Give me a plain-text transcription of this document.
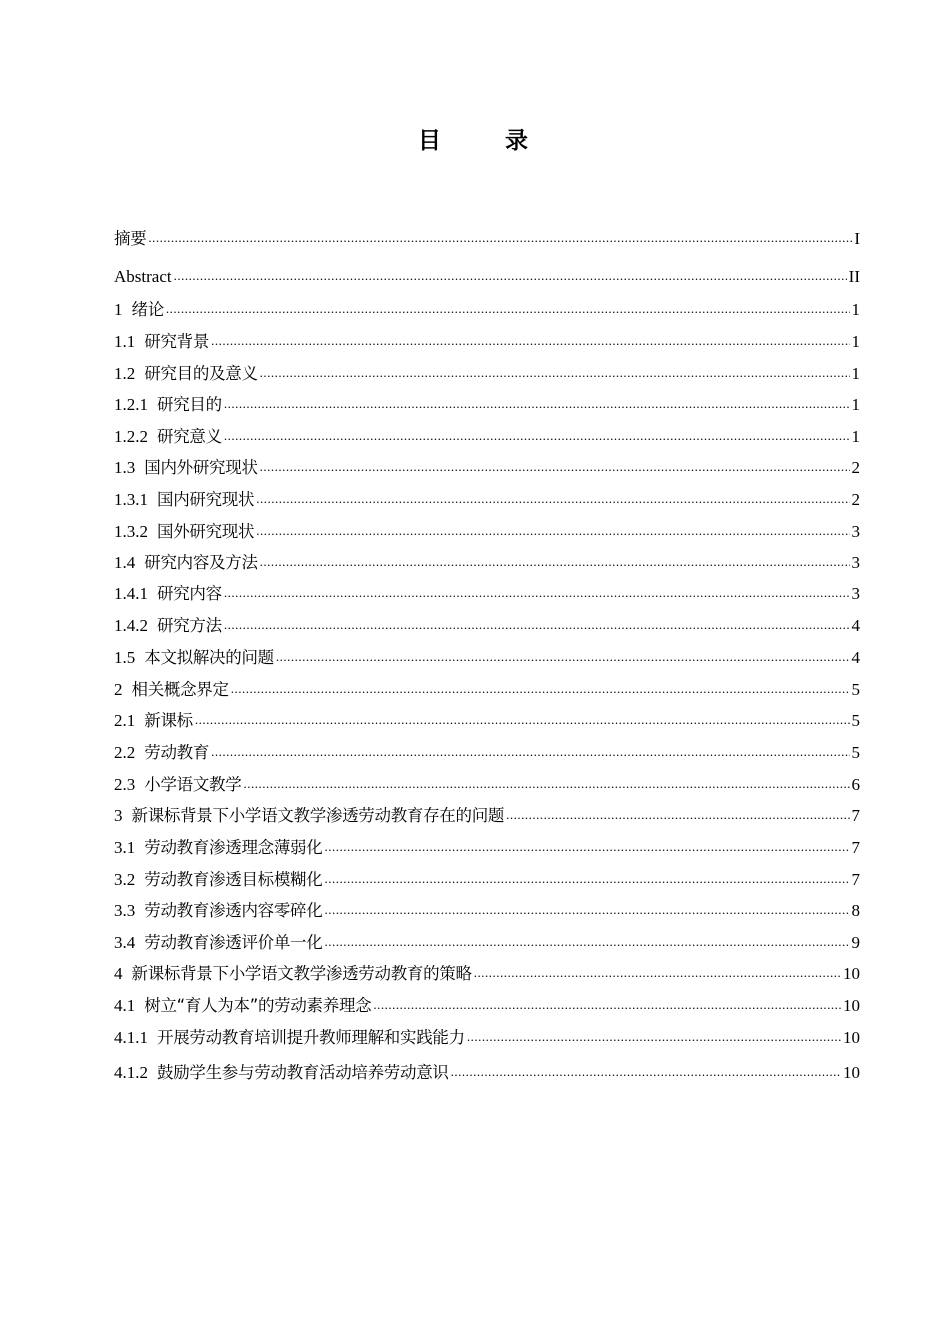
目 录
摘要 .....	I
Abstract .....	II
1 绪论 .....	1
1.1 研究背景 .....	1
1.2 研究目的及意义 .....	1
1.2.1 研究目的 .....	1
1.2.2 研究意义 .....	1
1.3 国内外研究现状 .....	2
1.3.1 国内研究现状 .....	2
1.3.2 国外研究现状 .....	3
1.4 研究内容及方法 .....	3
1.4.1 研究内容 .....	3
1.4.2 研究方法 .....	4
1.5 本文拟解决的问题 .....	4
2 相关概念界定 .....	5
2.1 新课标 .....	5
2.2 劳动教育 .....	5
2.3 小学语文教学 .....	6
3 新课标背景下小学语文教学渗透劳动教育存在的问题 .....	7
3.1 劳动教育渗透理念薄弱化 .....	7
3.2 劳动教育渗透目标模糊化 .....	7
3.3 劳动教育渗透内容零碎化 .....	8
3.4 劳动教育渗透评价单一化 .....	9
4 新课标背景下小学语文教学渗透劳动教育的策略 .....	10
4.1 树立“育人为本”的劳动素养理念 .....	10
4.1.1 开展劳动教育培训提升教师理解和实践能力 .....	10
4.1.2 鼓励学生参与劳动教育活动培养劳动意识 .....	10
